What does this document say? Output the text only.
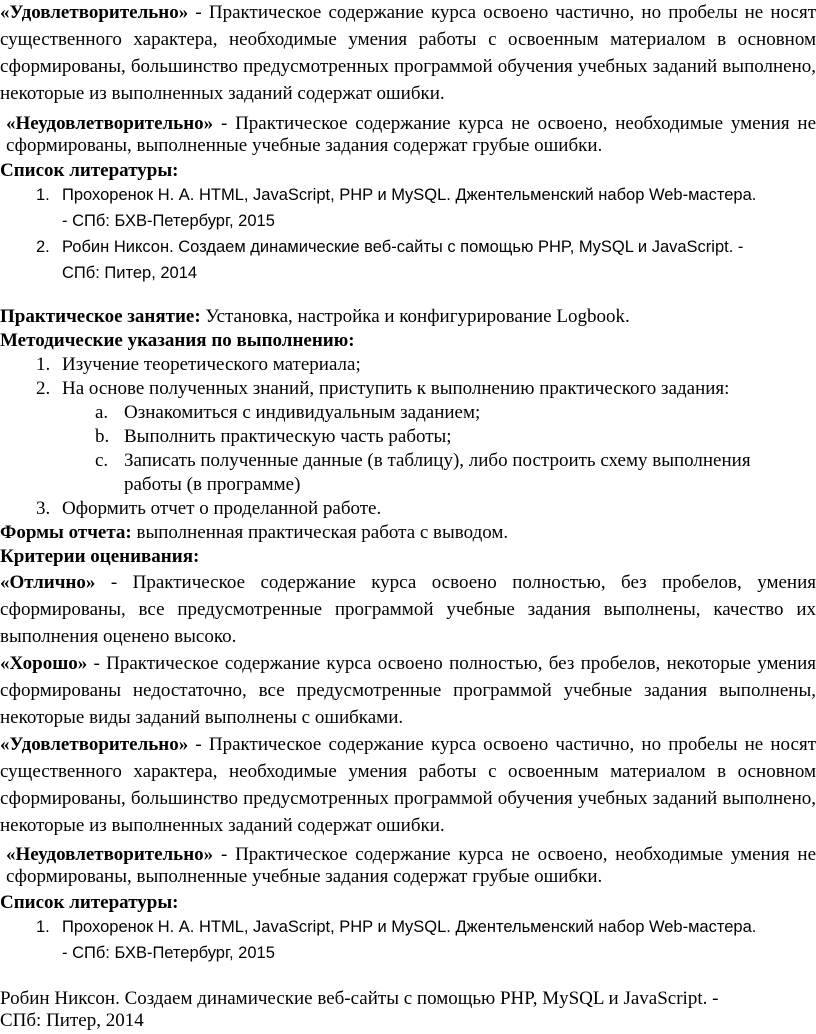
«Удовлетворительно» - Практическое содержание курса освоено частично, но пробелы не носят существенного характера, необходимые умения работы с освоенным материалом в основном сформированы, большинство предусмотренных программой обучения учебных заданий выполнено, некоторые из выполненных заданий содержат ошибки.
«Неудовлетворительно» - Практическое содержание курса не освоено, необходимые умения не сформированы, выполненные учебные задания содержат грубые ошибки.
Список литературы:
1. Прохоренок Н. А. HTML, JavaScript, PHP и MySQL. Джентельменский набор Web-мастера.
- СПб: БХВ-Петербург, 2015
2. Робин Никсон. Создаем динамические веб-сайты с помощью PHP, MySQL и JavaScript. -
СПб: Питер, 2014
Практическое занятие: Установка, настройка и конфигурирование Logbook.
Методические указания по выполнению:
1. Изучение теоретического материала;
2. На основе полученных знаний, приступить к выполнению практического задания:
a. Ознакомиться с индивидуальным заданием;
b. Выполнить практическую часть работы;
c. Записать полученные данные (в таблицу), либо построить схему выполнения
работы (в программе)
3. Оформить отчет о проделанной работе.
Формы отчета: выполненная практическая работа с выводом.
Критерии оценивания:
«Отлично» - Практическое содержание курса освоено полностью, без пробелов, умения сформированы, все предусмотренные программой учебные задания выполнены, качество их выполнения оценено высоко.
«Хорошо» - Практическое содержание курса освоено полностью, без пробелов, некоторые умения сформированы недостаточно, все предусмотренные программой учебные задания выполнены, некоторые виды заданий выполнены с ошибками.
«Удовлетворительно» - Практическое содержание курса освоено частично, но пробелы не носят существенного характера, необходимые умения работы с освоенным материалом в основном сформированы, большинство предусмотренных программой обучения учебных заданий выполнено, некоторые из выполненных заданий содержат ошибки.
«Неудовлетворительно» - Практическое содержание курса не освоено, необходимые умения не сформированы, выполненные учебные задания содержат грубые ошибки.
Список литературы:
1. Прохоренок Н. А. HTML, JavaScript, PHP и MySQL. Джентельменский набор Web-мастера.
- СПб: БХВ-Петербург, 2015
Робин Никсон. Создаем динамические веб-сайты с помощью PHP, MySQL и JavaScript. -
СПб: Питер, 2014
